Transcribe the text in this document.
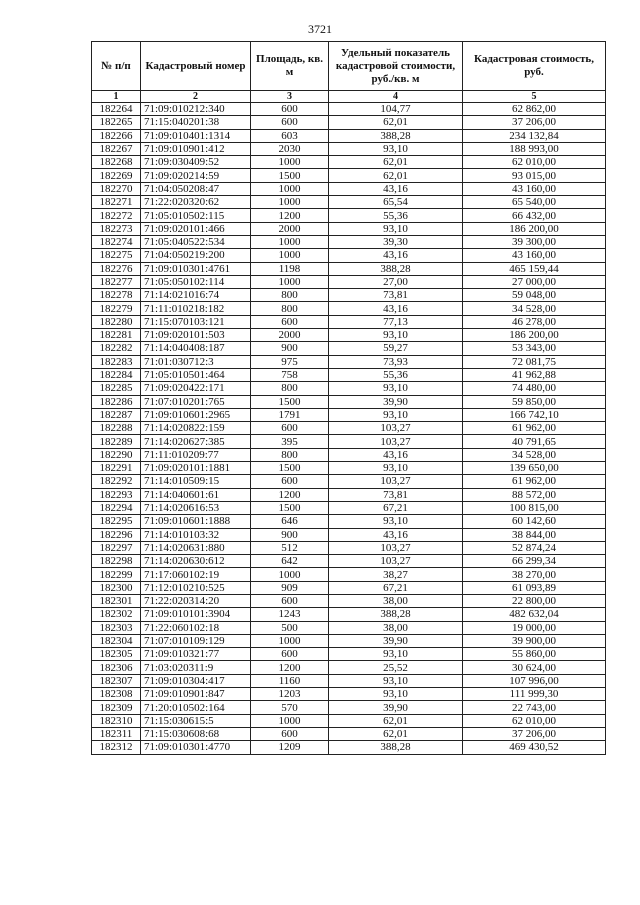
3721
№ п/п	Кадастровый номер	Площадь, кв. м	Удельный показатель кадастровой стоимости, руб./кв. м	Кадастровая стоимость, руб.
1	2	3	4	5
182264	71:09:010212:340	600	104,77	62 862,00
182265	71:15:040201:38	600	62,01	37 206,00
182266	71:09:010401:1314	603	388,28	234 132,84
182267	71:09:010901:412	2030	93,10	188 993,00
182268	71:09:030409:52	1000	62,01	62 010,00
182269	71:09:020214:59	1500	62,01	93 015,00
182270	71:04:050208:47	1000	43,16	43 160,00
182271	71:22:020320:62	1000	65,54	65 540,00
182272	71:05:010502:115	1200	55,36	66 432,00
182273	71:09:020101:466	2000	93,10	186 200,00
182274	71:05:040522:534	1000	39,30	39 300,00
182275	71:04:050219:200	1000	43,16	43 160,00
182276	71:09:010301:4761	1198	388,28	465 159,44
182277	71:05:050102:114	1000	27,00	27 000,00
182278	71:14:021016:74	800	73,81	59 048,00
182279	71:11:010218:182	800	43,16	34 528,00
182280	71:15:070103:121	600	77,13	46 278,00
182281	71:09:020101:503	2000	93,10	186 200,00
182282	71:14:040408:187	900	59,27	53 343,00
182283	71:01:030712:3	975	73,93	72 081,75
182284	71:05:010501:464	758	55,36	41 962,88
182285	71:09:020422:171	800	93,10	74 480,00
182286	71:07:010201:765	1500	39,90	59 850,00
182287	71:09:010601:2965	1791	93,10	166 742,10
182288	71:14:020822:159	600	103,27	61 962,00
182289	71:14:020627:385	395	103,27	40 791,65
182290	71:11:010209:77	800	43,16	34 528,00
182291	71:09:020101:1881	1500	93,10	139 650,00
182292	71:14:010509:15	600	103,27	61 962,00
182293	71:14:040601:61	1200	73,81	88 572,00
182294	71:14:020616:53	1500	67,21	100 815,00
182295	71:09:010601:1888	646	93,10	60 142,60
182296	71:14:010103:32	900	43,16	38 844,00
182297	71:14:020631:880	512	103,27	52 874,24
182298	71:14:020630:612	642	103,27	66 299,34
182299	71:17:060102:19	1000	38,27	38 270,00
182300	71:12:010210:525	909	67,21	61 093,89
182301	71:22:020314:20	600	38,00	22 800,00
182302	71:09:010101:3904	1243	388,28	482 632,04
182303	71:22:060102:18	500	38,00	19 000,00
182304	71:07:010109:129	1000	39,90	39 900,00
182305	71:09:010321:77	600	93,10	55 860,00
182306	71:03:020311:9	1200	25,52	30 624,00
182307	71:09:010304:417	1160	93,10	107 996,00
182308	71:09:010901:847	1203	93,10	111 999,30
182309	71:20:010502:164	570	39,90	22 743,00
182310	71:15:030615:5	1000	62,01	62 010,00
182311	71:15:030608:68	600	62,01	37 206,00
182312	71:09:010301:4770	1209	388,28	469 430,52
